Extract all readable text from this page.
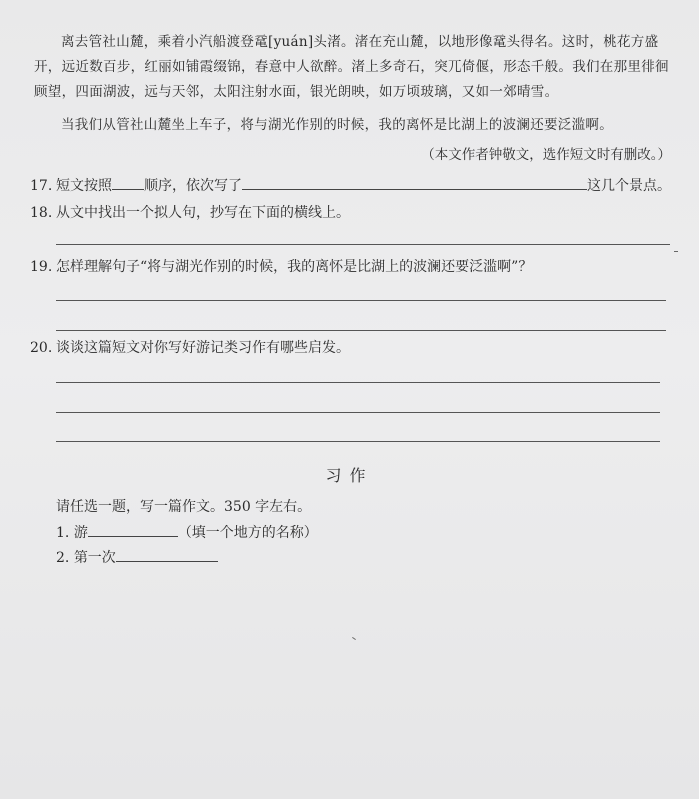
离去管社山麓，乘着小汽船渡登鼋[yuán]头渚。渚在充山麓，以地形像鼋头得名。这时，桃花方盛开，远近数百步，红丽如铺霞缀锦，春意中人欲醉。渚上多奇石，突兀倚偃，形态千般。我们在那里徘徊顾望，四面湖波，远与天邻，太阳注射水面，银光朗映，如万顷玻璃，又如一郊晴雪。
当我们从管社山麓坐上车子，将与湖光作别的时候，我的离怀是比湖上的波澜还要泛滥啊。
（本文作者钟敬文，选作短文时有删改。）
17. 短文按照 顺序，依次写了	这几个景点。
18. 从文中找出一个拟人句，抄写在下面的横线上。
19. 怎样理解句子“将与湖光作别的时候，我的离怀是比湖上的波澜还要泛滥啊”？
20. 谈谈这篇短文对你写好游记类习作有哪些启发。
习作
请任选一题，写一篇作文。350 字左右。
1. 游	（填一个地方的名称）
2. 第一次
